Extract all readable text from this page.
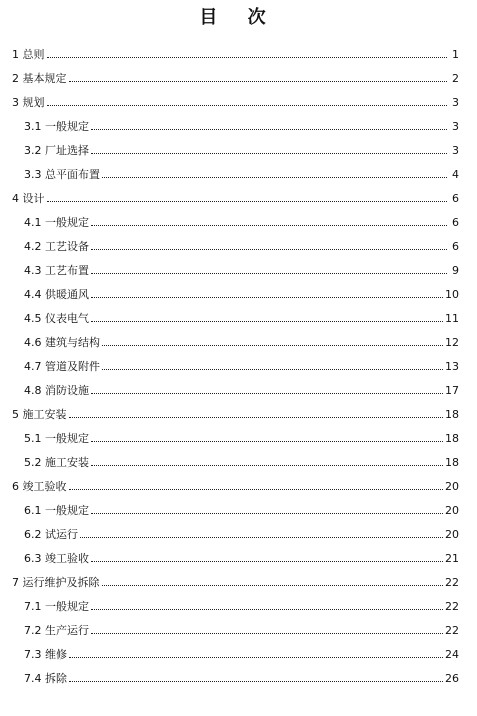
目 次
1 总则	1
2 基本规定	2
3 规划	3
3.1 一般规定	3
3.2 厂址选择	3
3.3 总平面布置	4
4 设计	6
4.1 一般规定	6
4.2 工艺设备	6
4.3 工艺布置	9
4.4 供暖通风	10
4.5 仪表电气	11
4.6 建筑与结构	12
4.7 管道及附件	13
4.8 消防设施	17
5 施工安装	18
5.1 一般规定	18
5.2 施工安装	18
6 竣工验收	20
6.1 一般规定	20
6.2 试运行	20
6.3 竣工验收	21
7 运行维护及拆除	22
7.1 一般规定	22
7.2 生产运行	22
7.3 维修	24
7.4 拆除	26
